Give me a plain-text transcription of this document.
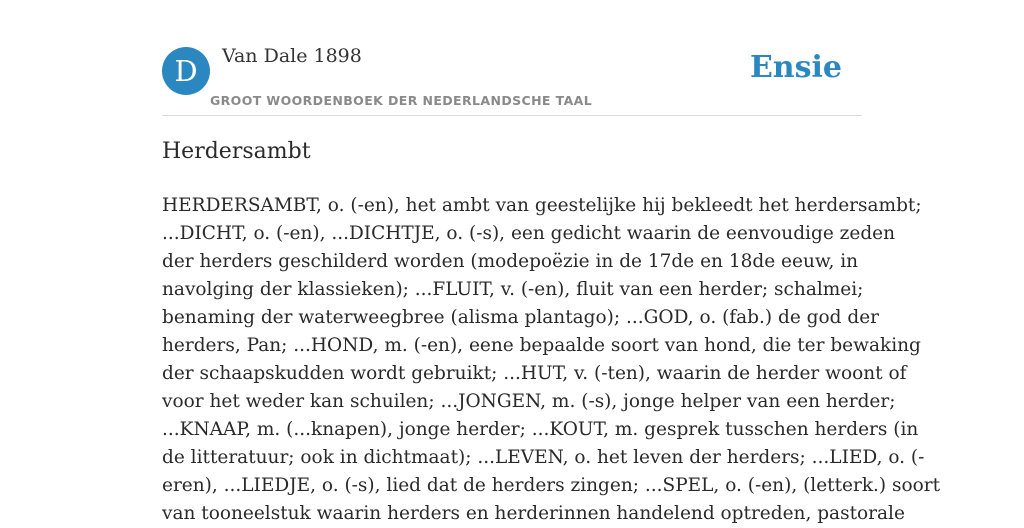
D	Van Dale 1898
GROOT WOORDENBOEK DER NEDERLANDSCHE TAAL
Ensie
Herdersambt

HERDERSAMBT, o. (-en), het ambt van geestelijke hij bekleedt het herdersambt;
...DICHT, o. (-en), ...DICHTJE, o. (-s), een gedicht waarin de eenvoudige zeden
der herders geschilderd worden (modepoëzie in de 17de en 18de eeuw, in
navolging der klassieken); ...FLUIT, v. (-en), fluit van een herder; schalmei;
benaming der waterweegbree (alisma plantago); ...GOD, o. (fab.) de god der
herders, Pan; ...HOND, m. (-en), eene bepaalde soort van hond, die ter bewaking
der schaapskudden wordt gebruikt; ...HUT, v. (-ten), waarin de herder woont of
voor het weder kan schuilen; ...JONGEN, m. (-s), jonge helper van een herder;
...KNAAP, m. (...knapen), jonge herder; ...KOUT, m. gesprek tusschen herders (in
de litteratuur; ook in dichtmaat); ...LEVEN, o. het leven der herders; ...LIED, o. (-
eren), ...LIEDJE, o. (-s), lied dat de herders zingen; ...SPEL, o. (-en), (letterk.) soort
van tooneelstuk waarin herders en herderinnen handelend optreden, pastorale
